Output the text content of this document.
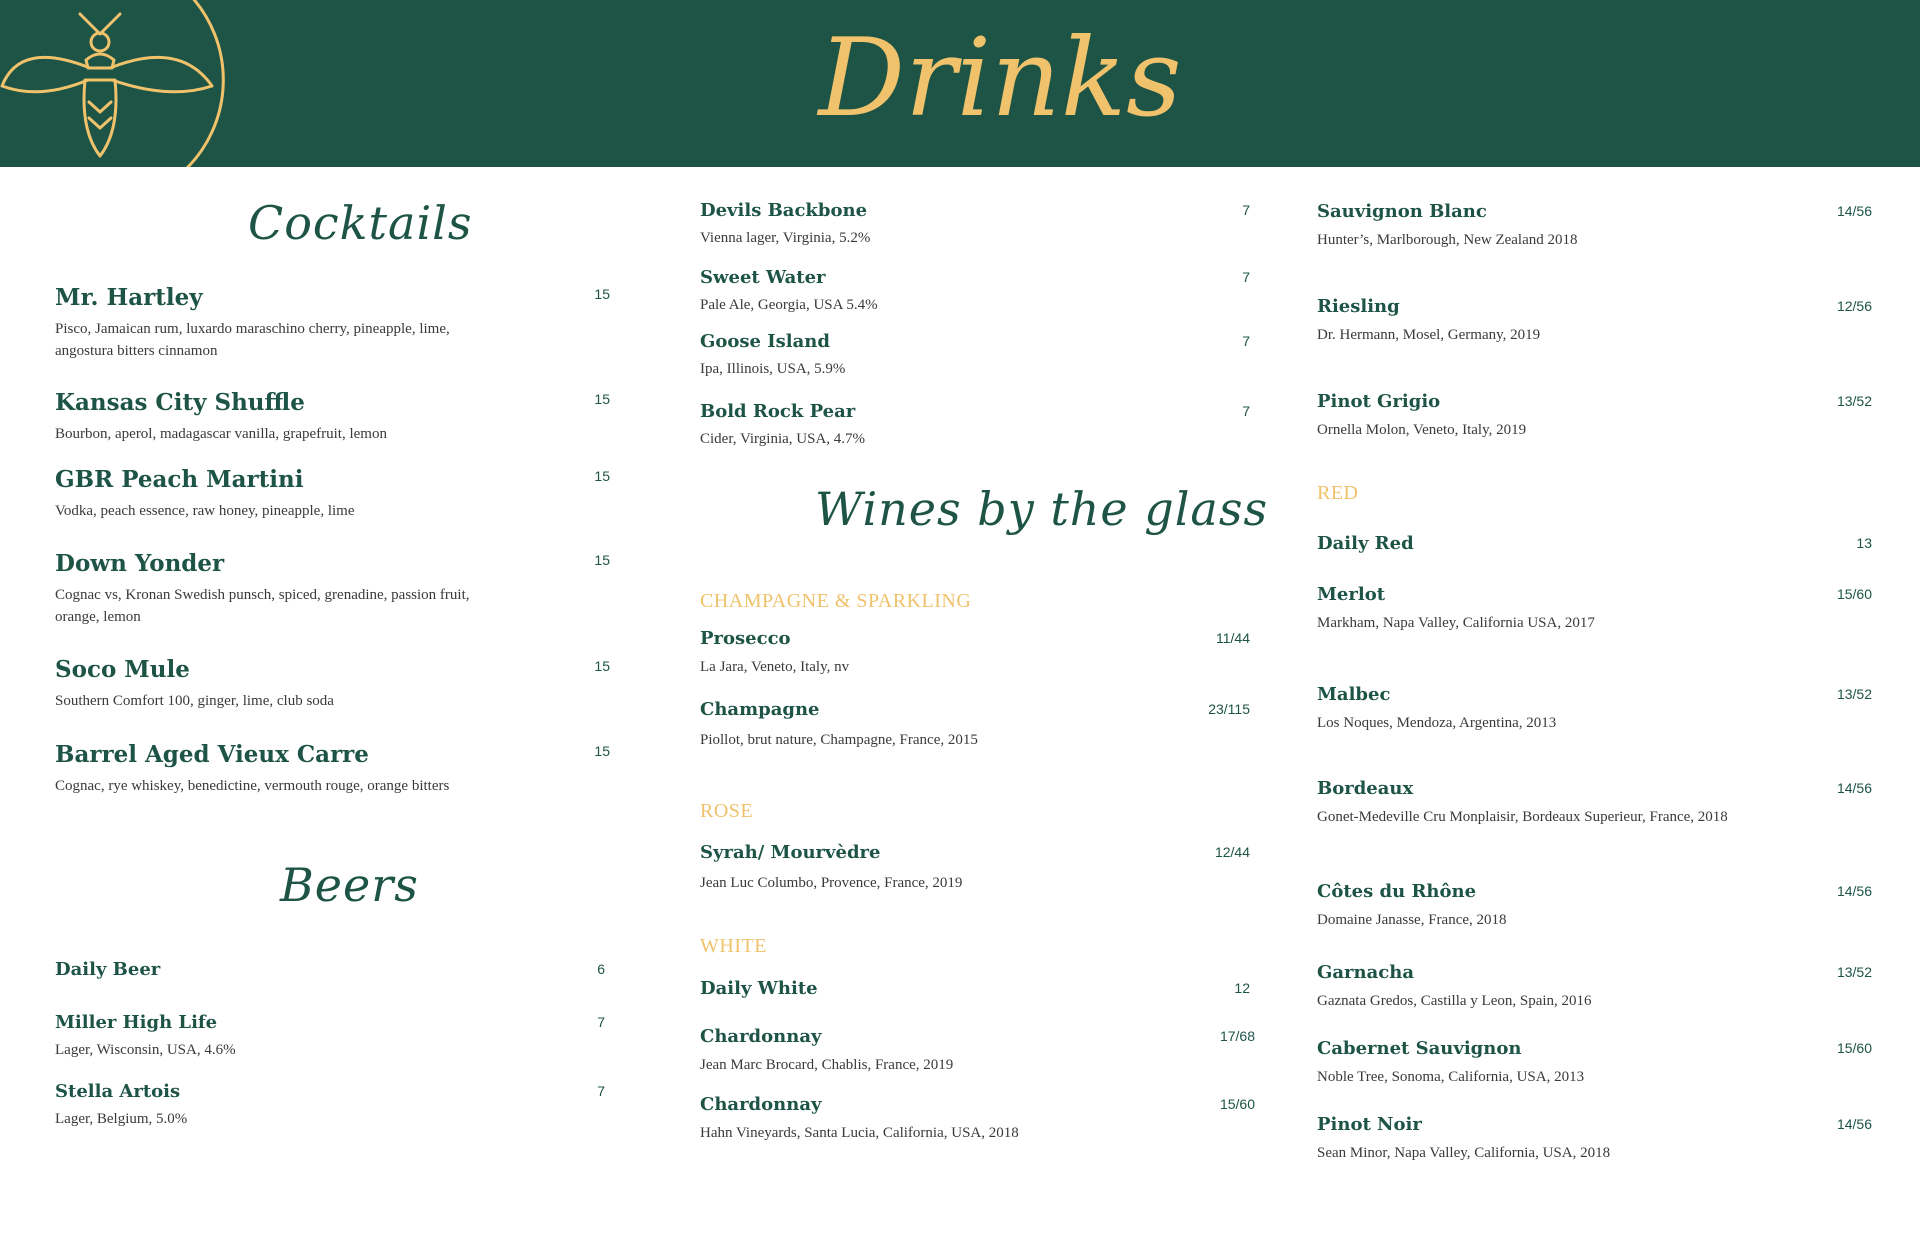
Drinks
Cocktails
Mr. Hartley	15
Pisco, Jamaican rum, luxardo maraschino cherry, pineapple, lime, angostura bitters cinnamon
Kansas City Shuffle	15
Bourbon, aperol, madagascar vanilla, grapefruit, lemon
GBR Peach Martini	15
Vodka, peach essence, raw honey, pineapple, lime
Down Yonder	15
Cognac vs, Kronan Swedish punsch, spiced, grenadine, passion fruit, orange, lemon
Soco Mule	15
Southern Comfort 100, ginger, lime, club soda
Barrel Aged Vieux Carre	15
Cognac, rye whiskey, benedictine, vermouth rouge, orange bitters
Beers
Daily Beer	6
Miller High Life	7
Lager, Wisconsin, USA, 4.6%
Stella Artois	7
Lager, Belgium, 5.0%
Devils Backbone	7
Vienna lager, Virginia, 5.2%
Sweet Water	7
Pale Ale, Georgia, USA 5.4%
Goose Island	7
Ipa, Illinois, USA, 5.9%
Bold Rock Pear	7
Cider, Virginia, USA, 4.7%
Wines by the glass
CHAMPAGNE & SPARKLING
Prosecco	11/44
La Jara, Veneto, Italy, nv
Champagne	23/115
Piollot, brut nature, Champagne, France, 2015
ROSE
Syrah/ Mourvèdre	12/44
Jean Luc Columbo, Provence, France, 2019
WHITE
Daily White	12
Chardonnay	17/68
Jean Marc Brocard, Chablis, France, 2019
Chardonnay	15/60
Hahn Vineyards, Santa Lucia, California, USA, 2018
Sauvignon Blanc	14/56
Hunter’s, Marlborough, New Zealand 2018
Riesling	12/56
Dr. Hermann, Mosel, Germany, 2019
Pinot Grigio	13/52
Ornella Molon, Veneto, Italy, 2019
RED
Daily Red	13
Merlot	15/60
Markham, Napa Valley, California USA, 2017
Malbec	13/52
Los Noques, Mendoza, Argentina, 2013
Bordeaux	14/56
Gonet-Medeville Cru Monplaisir, Bordeaux Superieur, France, 2018
Côtes du Rhône	14/56
Domaine Janasse, France, 2018
Garnacha	13/52
Gaznata Gredos, Castilla y Leon, Spain, 2016
Cabernet Sauvignon	15/60
Noble Tree, Sonoma, California, USA, 2013
Pinot Noir	14/56
Sean Minor, Napa Valley, California, USA, 2018
